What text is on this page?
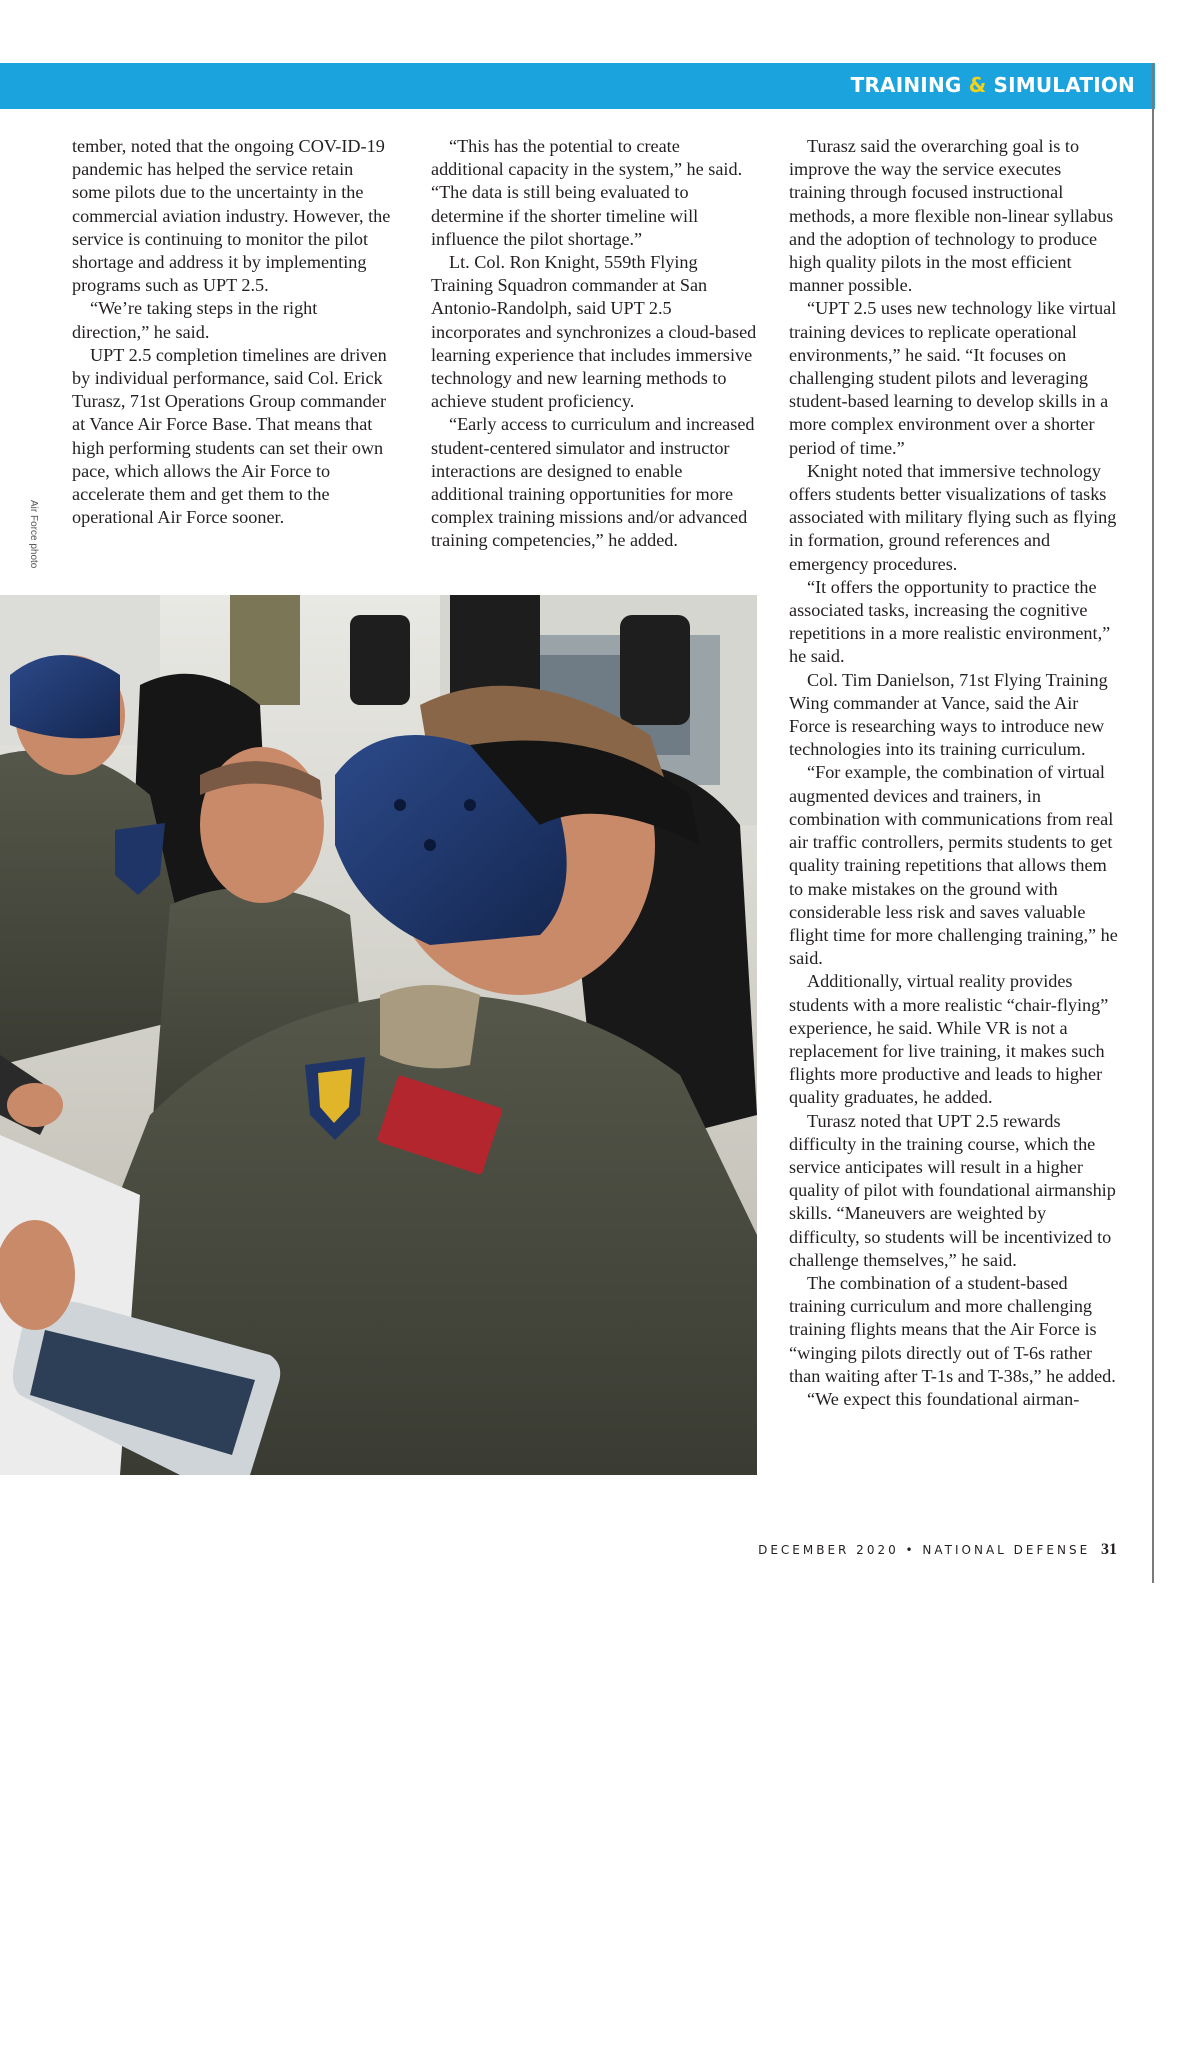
TRAINING & SIMULATION

tember, noted that the ongoing COV-ID-19 pandemic has helped the service retain some pilots due to the uncertainty in the commercial aviation industry. However, the service is continuing to monitor the pilot shortage and address it by implementing programs such as UPT 2.5.

“We’re taking steps in the right direction,” he said.

UPT 2.5 completion timelines are driven by individual performance, said Col. Erick Turasz, 71st Operations Group commander at Vance Air Force Base. That means that high performing students can set their own pace, which allows the Air Force to accelerate them and get them to the operational Air Force sooner.

“This has the potential to create additional capacity in the system,” he said. “The data is still being evaluated to determine if the shorter timeline will influence the pilot shortage.”

Lt. Col. Ron Knight, 559th Flying Training Squadron commander at San Antonio-Randolph, said UPT 2.5 incorporates and synchronizes a cloud-based learning experience that includes immersive technology and new learning methods to achieve student proficiency.

“Early access to curriculum and increased student-centered simulator and instructor interactions are designed to enable additional training opportunities for more complex training missions and/or advanced training competencies,” he added.

Turasz said the overarching goal is to improve the way the service executes training through focused instructional methods, a more flexible non-linear syllabus and the adoption of technology to produce high quality pilots in the most efficient manner possible.

“UPT 2.5 uses new technology like virtual training devices to replicate operational environments,” he said. “It focuses on challenging student pilots and leveraging student-based learning to develop skills in a more complex environment over a shorter period of time.”

Knight noted that immersive technology offers students better visualizations of tasks associated with military flying such as flying in formation, ground references and emergency procedures.

“It offers the opportunity to practice the associated tasks, increasing the cognitive repetitions in a more realistic environment,” he said.

Col. Tim Danielson, 71st Flying Training Wing commander at Vance, said the Air Force is researching ways to introduce new technologies into its training curriculum.

“For example, the combination of virtual augmented devices and trainers, in combination with communications from real air traffic controllers, permits students to get quality training repetitions that allows them to make mistakes on the ground with considerable less risk and saves valuable flight time for more challenging training,” he said.

Additionally, virtual reality provides students with a more realistic “chair-flying” experience, he said. While VR is not a replacement for live training, it makes such flights more productive and leads to higher quality graduates, he added.

Turasz noted that UPT 2.5 rewards difficulty in the training course, which the service anticipates will result in a higher quality of pilot with foundational airmanship skills. “Maneuvers are weighted by difficulty, so students will be incentivized to challenge themselves,” he said.

The combination of a student-based training curriculum and more challenging training flights means that the Air Force is “winging pilots directly out of T-6s rather than waiting after T-1s and T-38s,” he added.

“We expect this foundational airman-

Air Force photo
Student pilots train on a virtual reality flight simulator as part of the Pilot Training Next program.
DECEMBER 2020 • NATIONAL DEFENSE 31
